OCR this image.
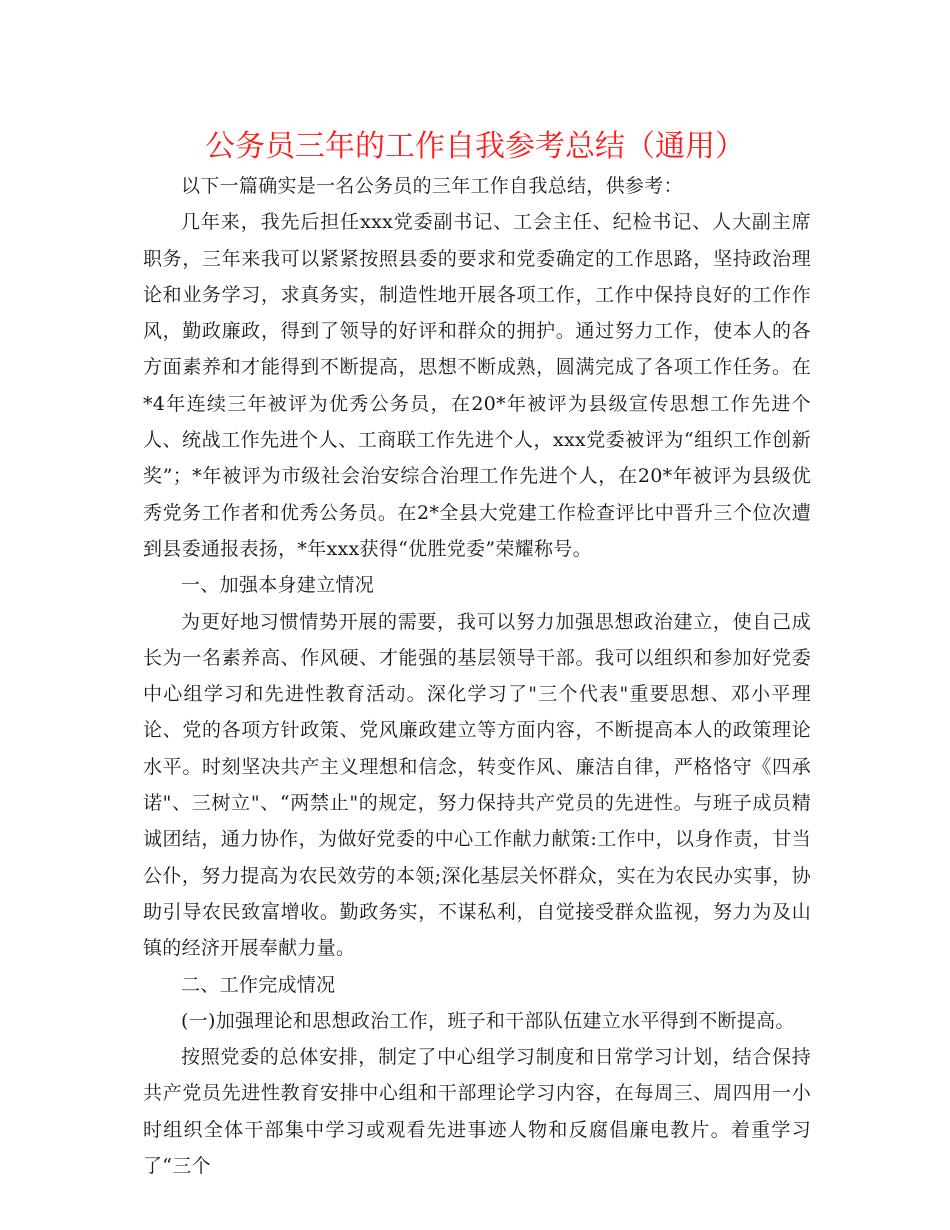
公务员三年的工作自我参考总结（通用）

以下一篇确实是一名公务员的三年工作自我总结，供参考：

几年来，我先后担任xxx党委副书记、工会主任、纪检书记、人大副主席职务，三年来我可以紧紧按照县委的要求和党委确定的工作思路，坚持政治理论和业务学习，求真务实，制造性地开展各项工作，工作中保持良好的工作作风，勤政廉政，得到了领导的好评和群众的拥护。通过努力工作，使本人的各方面素养和才能得到不断提高，思想不断成熟，圆满完成了各项工作任务。在*4年连续三年被评为优秀公务员，在20*年被评为县级宣传思想工作先进个人、统战工作先进个人、工商联工作先进个人，xxx党委被评为“组织工作创新奖”；*年被评为市级社会治安综合治理工作先进个人，在20*年被评为县级优秀党务工作者和优秀公务员。在2*全县大党建工作检查评比中晋升三个位次遭到县委通报表扬，*年xxx获得“优胜党委”荣耀称号。

一、加强本身建立情况

为更好地习惯情势开展的需要，我可以努力加强思想政治建立，使自己成长为一名素养高、作风硬、才能强的基层领导干部。我可以组织和参加好党委中心组学习和先进性教育活动。深化学习了"三个代表"重要思想、邓小平理论、党的各项方针政策、党风廉政建立等方面内容，不断提高本人的政策理论水平。时刻坚决共产主义理想和信念，转变作风、廉洁自律，严格恪守《四承诺"、三树立"、“两禁止"的规定，努力保持共产党员的先进性。与班子成员精诚团结，通力协作，为做好党委的中心工作献力献策:工作中，以身作责，甘当公仆，努力提高为农民效劳的本领;深化基层关怀群众，实在为农民办实事，协助引导农民致富增收。勤政务实，不谋私利，自觉接受群众监视，努力为及山镇的经济开展奉献力量。

二、工作完成情况

(一)加强理论和思想政治工作，班子和干部队伍建立水平得到不断提高。

按照党委的总体安排，制定了中心组学习制度和日常学习计划，结合保持共产党员先进性教育安排中心组和干部理论学习内容，在每周三、周四用一小时组织全体干部集中学习或观看先进事迹人物和反腐倡廉电教片。着重学习了“三个
